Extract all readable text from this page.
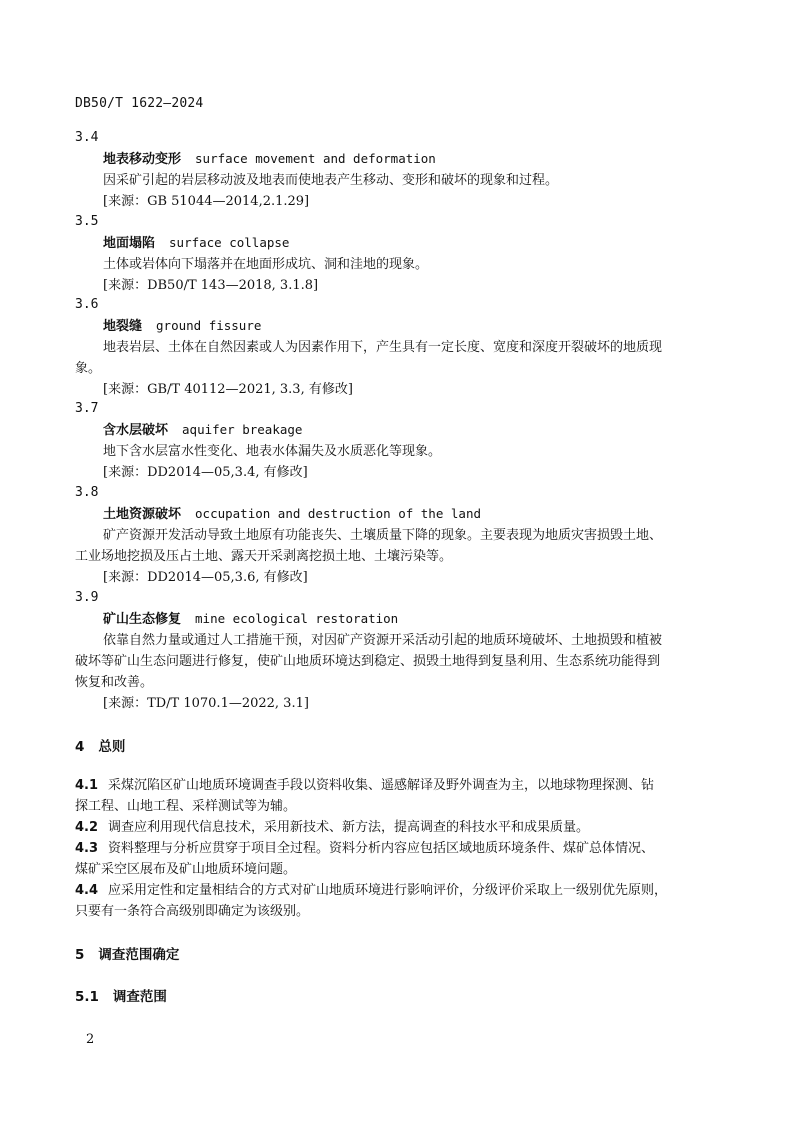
DB50/T 1622—2024
3.4
地表移动变形 surface movement and deformation
因采矿引起的岩层移动波及地表而使地表产生移动、变形和破坏的现象和过程。
[来源：GB 51044—2014,2.1.29]
3.5
地面塌陷 surface collapse
土体或岩体向下塌落并在地面形成坑、洞和洼地的现象。
[来源：DB50/T 143—2018, 3.1.8]
3.6
地裂缝 ground fissure
地表岩层、土体在自然因素或人为因素作用下，产生具有一定长度、宽度和深度开裂破坏的地质现
象。
[来源：GB/T 40112—2021, 3.3, 有修改]
3.7
含水层破坏 aquifer breakage
地下含水层富水性变化、地表水体漏失及水质恶化等现象。
[来源：DD2014—05,3.4, 有修改]
3.8
土地资源破坏 occupation and destruction of the land
矿产资源开发活动导致土地原有功能丧失、土壤质量下降的现象。主要表现为地质灾害损毁土地、
工业场地挖损及压占土地、露天开采剥离挖损土地、土壤污染等。
[来源：DD2014—05,3.6, 有修改]
3.9
矿山生态修复 mine ecological restoration
依靠自然力量或通过人工措施干预，对因矿产资源开采活动引起的地质环境破坏、土地损毁和植被
破坏等矿山生态问题进行修复，使矿山地质环境达到稳定、损毁土地得到复垦利用、生态系统功能得到
恢复和改善。
[来源：TD/T 1070.1—2022, 3.1]
4 总则
4.1 采煤沉陷区矿山地质环境调查手段以资料收集、遥感解译及野外调查为主，以地球物理探测、钻
探工程、山地工程、采样测试等为辅。
4.2 调查应利用现代信息技术，采用新技术、新方法，提高调查的科技水平和成果质量。
4.3 资料整理与分析应贯穿于项目全过程。资料分析内容应包括区域地质环境条件、煤矿总体情况、
煤矿采空区展布及矿山地质环境问题。
4.4 应采用定性和定量相结合的方式对矿山地质环境进行影响评价，分级评价采取上一级别优先原则，
只要有一条符合高级别即确定为该级别。
5 调查范围确定
5.1 调查范围
2
